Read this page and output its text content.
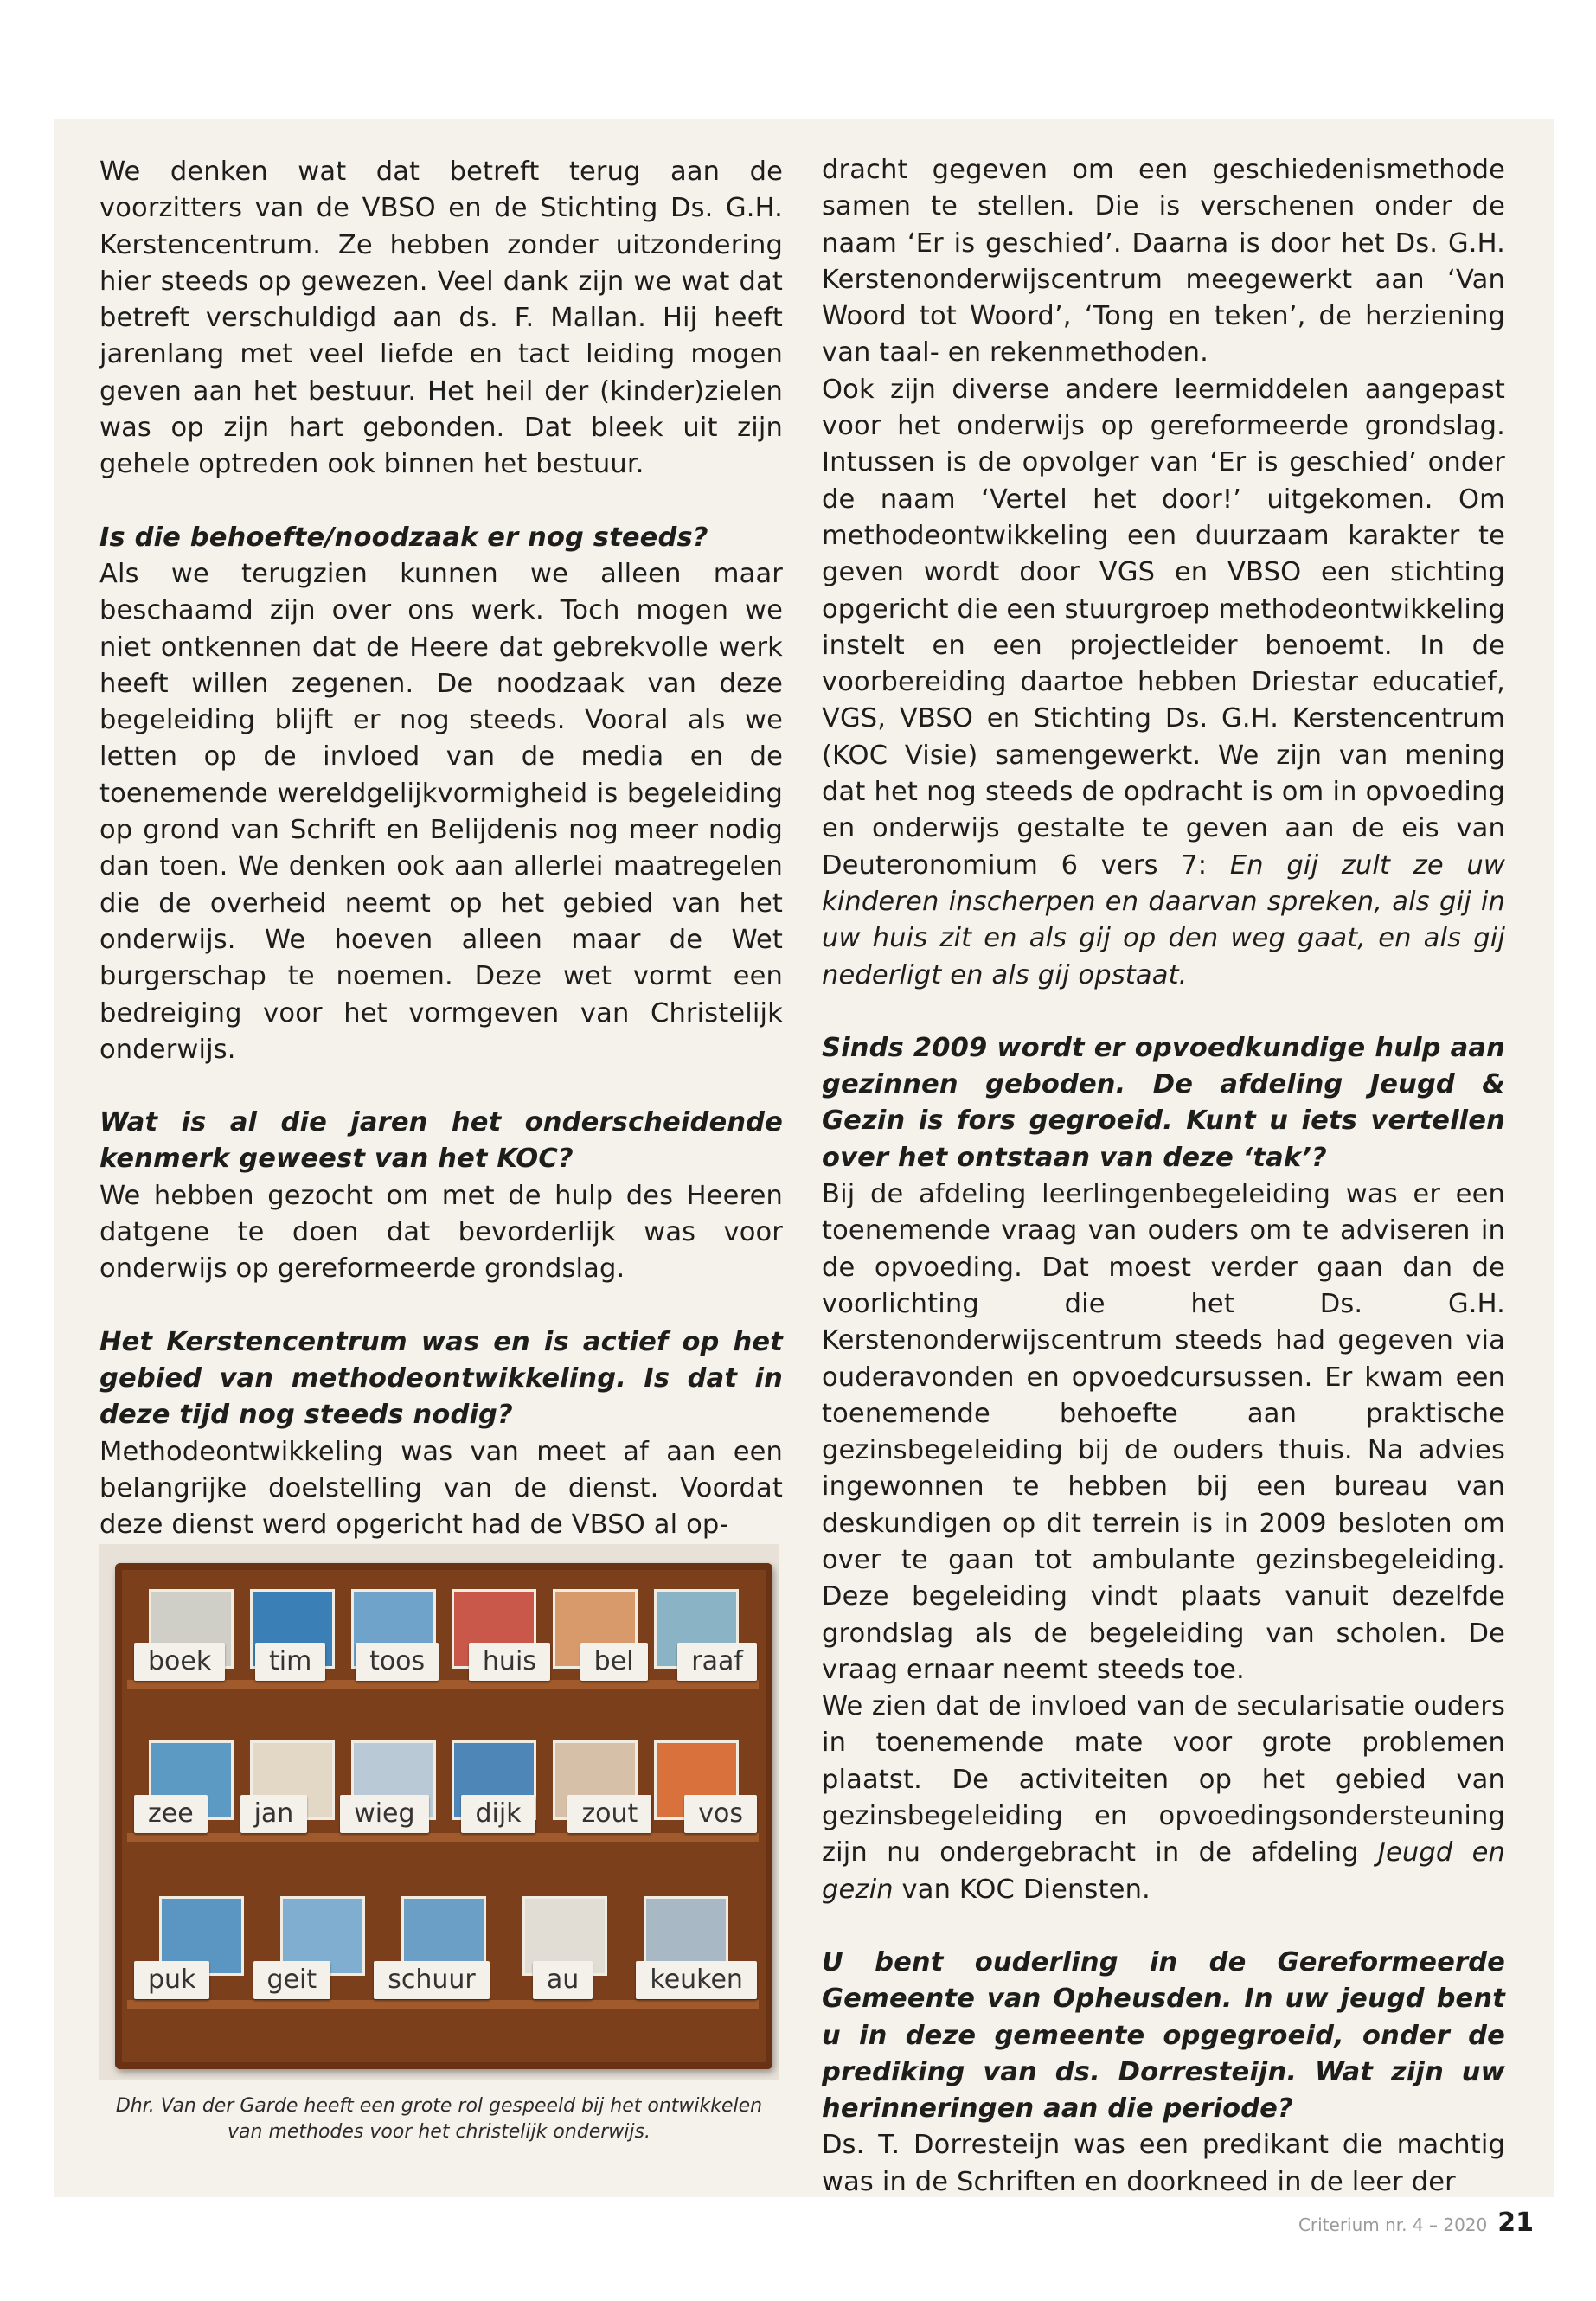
We denken wat dat betreft terug aan de voorzitters van de VBSO en de Stichting Ds. G.H. Kerstencentrum. Ze hebben zonder uitzondering hier steeds op gewezen. Veel dank zijn we wat dat betreft verschuldigd aan ds. F. Mallan. Hij heeft jarenlang met veel liefde en tact leiding mogen geven aan het bestuur. Het heil der (kinder)zielen was op zijn hart gebonden. Dat bleek uit zijn gehele optreden ook binnen het bestuur.

Is die behoefte/noodzaak er nog steeds?

Als we terugzien kunnen we alleen maar beschaamd zijn over ons werk. Toch mogen we niet ontkennen dat de Heere dat gebrekvolle werk heeft willen zegenen. De noodzaak van deze begeleiding blijft er nog steeds. Vooral als we letten op de invloed van de media en de toenemende wereldgelijkvormigheid is begeleiding op grond van Schrift en Belijdenis nog meer nodig dan toen. We denken ook aan allerlei maatregelen die de overheid neemt op het gebied van het onderwijs. We hoeven alleen maar de Wet burgerschap te noemen. Deze wet vormt een bedreiging voor het vormgeven van Christelijk onderwijs.

Wat is al die jaren het onderscheidende kenmerk geweest van het KOC?

We hebben gezocht om met de hulp des Heeren datgene te doen dat bevorderlijk was voor onderwijs op gereformeerde grondslag.

Het Kerstencentrum was en is actief op het gebied van methodeontwikkeling. Is dat in deze tijd nog steeds nodig?

Methodeontwikkeling was van meet af aan een belangrijke doelstelling van de dienst. Voordat deze dienst werd opgericht had de VBSO al op-

boek	tim	toos	huis	bel	raaf
zee	jan	wieg	dijk	zout	vos
puk	geit	schuur	au	keuken
Dhr. Van der Garde heeft een grote rol gespeeld bij het ontwikkelen van methodes voor het christelijk onderwijs.

dracht gegeven om een geschiedenismethode samen te stellen. Die is verschenen onder de naam ‘Er is geschied’. Daarna is door het Ds. G.H. Kerstenonderwijscentrum meegewerkt aan ‘Van Woord tot Woord’, ‘Tong en teken’, de herziening van taal- en rekenmethoden.

Ook zijn diverse andere leermiddelen aangepast voor het onderwijs op gereformeerde grondslag. Intussen is de opvolger van ‘Er is geschied’ onder de naam ‘Vertel het door!’ uitgekomen. Om methodeontwikkeling een duurzaam karakter te geven wordt door VGS en VBSO een stichting opgericht die een stuurgroep methodeontwikkeling instelt en een projectleider benoemt. In de voorbereiding daartoe hebben Driestar educatief, VGS, VBSO en Stichting Ds. G.H. Kerstencentrum (KOC Visie) samengewerkt. We zijn van mening dat het nog steeds de opdracht is om in opvoeding en onderwijs gestalte te geven aan de eis van Deuteronomium 6 vers 7: En gij zult ze uw kinderen inscherpen en daarvan spreken, als gij in uw huis zit en als gij op den weg gaat, en als gij nederligt en als gij opstaat.

Sinds 2009 wordt er opvoedkundige hulp aan gezinnen geboden. De afdeling Jeugd & Gezin is fors gegroeid. Kunt u iets vertellen over het ontstaan van deze ‘tak’?

Bij de afdeling leerlingenbegeleiding was er een toenemende vraag van ouders om te adviseren in de opvoeding. Dat moest verder gaan dan de voorlichting die het Ds. G.H. Kerstenonderwijscentrum steeds had gegeven via ouderavonden en opvoedcursussen. Er kwam een toenemende behoefte aan praktische gezinsbegeleiding bij de ouders thuis. Na advies ingewonnen te hebben bij een bureau van deskundigen op dit terrein is in 2009 besloten om over te gaan tot ambulante gezinsbegeleiding. Deze begeleiding vindt plaats vanuit dezelfde grondslag als de begeleiding van scholen. De vraag ernaar neemt steeds toe.

We zien dat de invloed van de secularisatie ouders in toenemende mate voor grote problemen plaatst. De activiteiten op het gebied van gezinsbegeleiding en opvoedingsondersteuning zijn nu ondergebracht in de afdeling Jeugd en gezin van KOC Diensten.

U bent ouderling in de Gereformeerde Gemeente van Opheusden. In uw jeugd bent u in deze gemeente opgegroeid, onder de prediking van ds. Dorresteijn. Wat zijn uw herinneringen aan die periode?

Ds. T. Dorresteijn was een predikant die machtig was in de Schriften en doorkneed in de leer der

Criterium nr. 4 – 2020 21
